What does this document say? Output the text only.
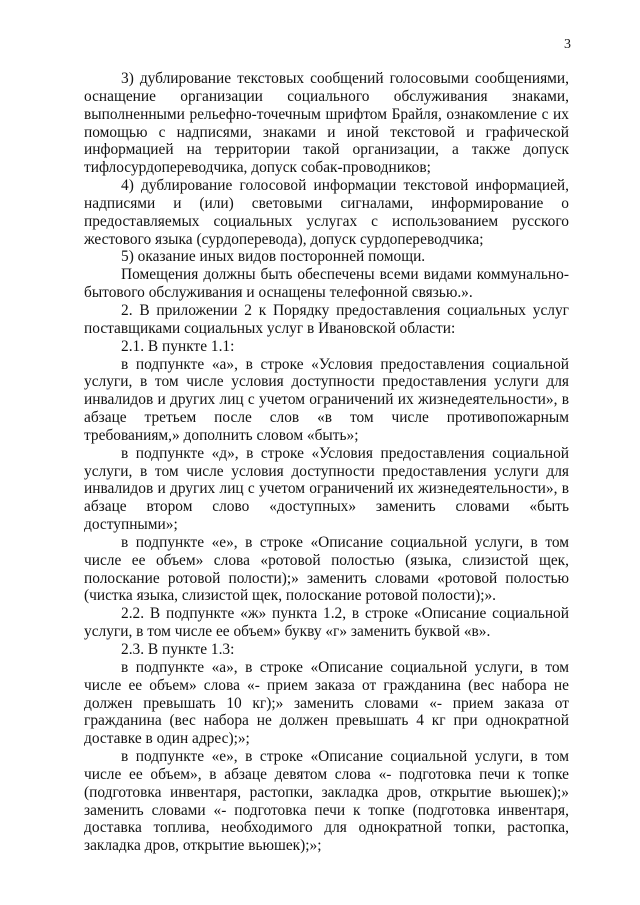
3

3) дублирование текстовых сообщений голосовыми сообщениями, оснащение организации социального обслуживания знаками, выполненными рельефно-точечным шрифтом Брайля, ознакомление с их помощью с надписями, знаками и иной текстовой и графической информацией на территории такой организации, а также допуск тифлосурдопереводчика, допуск собак-проводников;

4) дублирование голосовой информации текстовой информацией, надписями и (или) световыми сигналами, информирование о предоставляемых социальных услугах с использованием русского жестового языка (сурдоперевода), допуск сурдопереводчика;

5) оказание иных видов посторонней помощи.

Помещения должны быть обеспечены всеми видами коммунально-бытового обслуживания и оснащены телефонной связью.».

2. В приложении 2 к Порядку предоставления социальных услуг поставщиками социальных услуг в Ивановской области:

2.1. В пункте 1.1:

в подпункте «а», в строке «Условия предоставления социальной услуги, в том числе условия доступности предоставления услуги для инвалидов и других лиц с учетом ограничений их жизнедеятельности», в абзаце третьем после слов «в том числе противопожарным требованиям,» дополнить словом «быть»;

в подпункте «д», в строке «Условия предоставления социальной услуги, в том числе условия доступности предоставления услуги для инвалидов и других лиц с учетом ограничений их жизнедеятельности», в абзаце втором слово «доступных» заменить словами «быть доступными»;

в подпункте «е», в строке «Описание социальной услуги, в том числе ее объем» слова «ротовой полостью (языка, слизистой щек, полоскание ротовой полости);» заменить словами «ротовой полостью (чистка языка, слизистой щек, полоскание ротовой полости);».

2.2. В подпункте «ж» пункта 1.2, в строке «Описание социальной услуги, в том числе ее объем» букву «г» заменить буквой «в».

2.3. В пункте 1.3:

в подпункте «а», в строке «Описание социальной услуги, в том числе ее объем» слова «- прием заказа от гражданина (вес набора не должен превышать 10 кг);» заменить словами «- прием заказа от гражданина (вес набора не должен превышать 4 кг при однократной доставке в один адрес);»;

в подпункте «е», в строке «Описание социальной услуги, в том числе ее объем», в абзаце девятом слова «- подготовка печи к топке (подготовка инвентаря, растопки, закладка дров, открытие вьюшек);» заменить словами «- подготовка печи к топке (подготовка инвентаря, доставка топлива, необходимого для однократной топки, растопка, закладка дров, открытие вьюшек);»;
